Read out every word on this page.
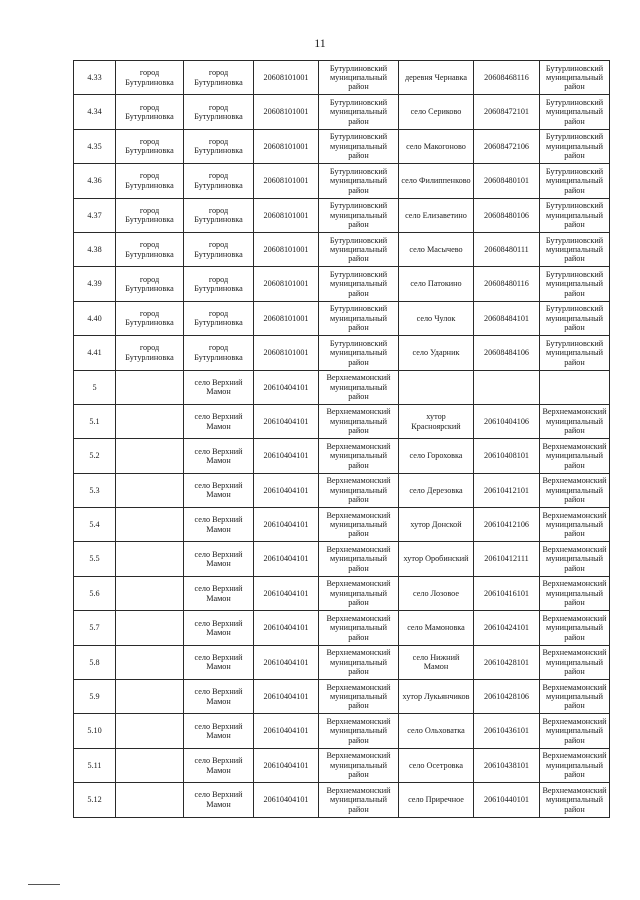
11
4.33	город Бутурлиновка	город Бутурлиновка	20608101001	Бутурлиновский муниципальный район	деревня Чернавка	20608468116	Бутурлиновский муниципальный район
4.34	город Бутурлиновка	город Бутурлиновка	20608101001	Бутурлиновский муниципальный район	село Сериково	20608472101	Бутурлиновский муниципальный район
4.35	город Бутурлиновка	город Бутурлиновка	20608101001	Бутурлиновский муниципальный район	село Макогоново	20608472106	Бутурлиновский муниципальный район
4.36	город Бутурлиновка	город Бутурлиновка	20608101001	Бутурлиновский муниципальный район	село Филиппенково	20608480101	Бутурлиновский муниципальный район
4.37	город Бутурлиновка	город Бутурлиновка	20608101001	Бутурлиновский муниципальный район	село Елизаветино	20608480106	Бутурлиновский муниципальный район
4.38	город Бутурлиновка	город Бутурлиновка	20608101001	Бутурлиновский муниципальный район	село Масычево	20608480111	Бутурлиновский муниципальный район
4.39	город Бутурлиновка	город Бутурлиновка	20608101001	Бутурлиновский муниципальный район	село Патокино	20608480116	Бутурлиновский муниципальный район
4.40	город Бутурлиновка	город Бутурлиновка	20608101001	Бутурлиновский муниципальный район	село Чулок	20608484101	Бутурлиновский муниципальный район
4.41	город Бутурлиновка	город Бутурлиновка	20608101001	Бутурлиновский муниципальный район	село Ударник	20608484106	Бутурлиновский муниципальный район
5		село Верхний Мамон	20610404101	Верхнемамонский муниципальный район			
5.1		село Верхний Мамон	20610404101	Верхнемамонский муниципальный район	хутор Красноярский	20610404106	Верхнемамонский муниципальный район
5.2		село Верхний Мамон	20610404101	Верхнемамонский муниципальный район	село Гороховка	20610408101	Верхнемамонский муниципальный район
5.3		село Верхний Мамон	20610404101	Верхнемамонский муниципальный район	село Дерезовка	20610412101	Верхнемамонский муниципальный район
5.4		село Верхний Мамон	20610404101	Верхнемамонский муниципальный район	хутор Донской	20610412106	Верхнемамонский муниципальный район
5.5		село Верхний Мамон	20610404101	Верхнемамонский муниципальный район	хутор Оробинский	20610412111	Верхнемамонский муниципальный район
5.6		село Верхний Мамон	20610404101	Верхнемамонский муниципальный район	село Лозовое	20610416101	Верхнемамонский муниципальный район
5.7		село Верхний Мамон	20610404101	Верхнемамонский муниципальный район	село Мамоновка	20610424101	Верхнемамонский муниципальный район
5.8		село Верхний Мамон	20610404101	Верхнемамонский муниципальный район	село Нижний Мамон	20610428101	Верхнемамонский муниципальный район
5.9		село Верхний Мамон	20610404101	Верхнемамонский муниципальный район	хутор Лукьянчиков	20610428106	Верхнемамонский муниципальный район
5.10		село Верхний Мамон	20610404101	Верхнемамонский муниципальный район	село Ольховатка	20610436101	Верхнемамонский муниципальный район
5.11		село Верхний Мамон	20610404101	Верхнемамонский муниципальный район	село Осетровка	20610438101	Верхнемамонский муниципальный район
5.12		село Верхний Мамон	20610404101	Верхнемамонский муниципальный район	село Приречное	20610440101	Верхнемамонский муниципальный район
